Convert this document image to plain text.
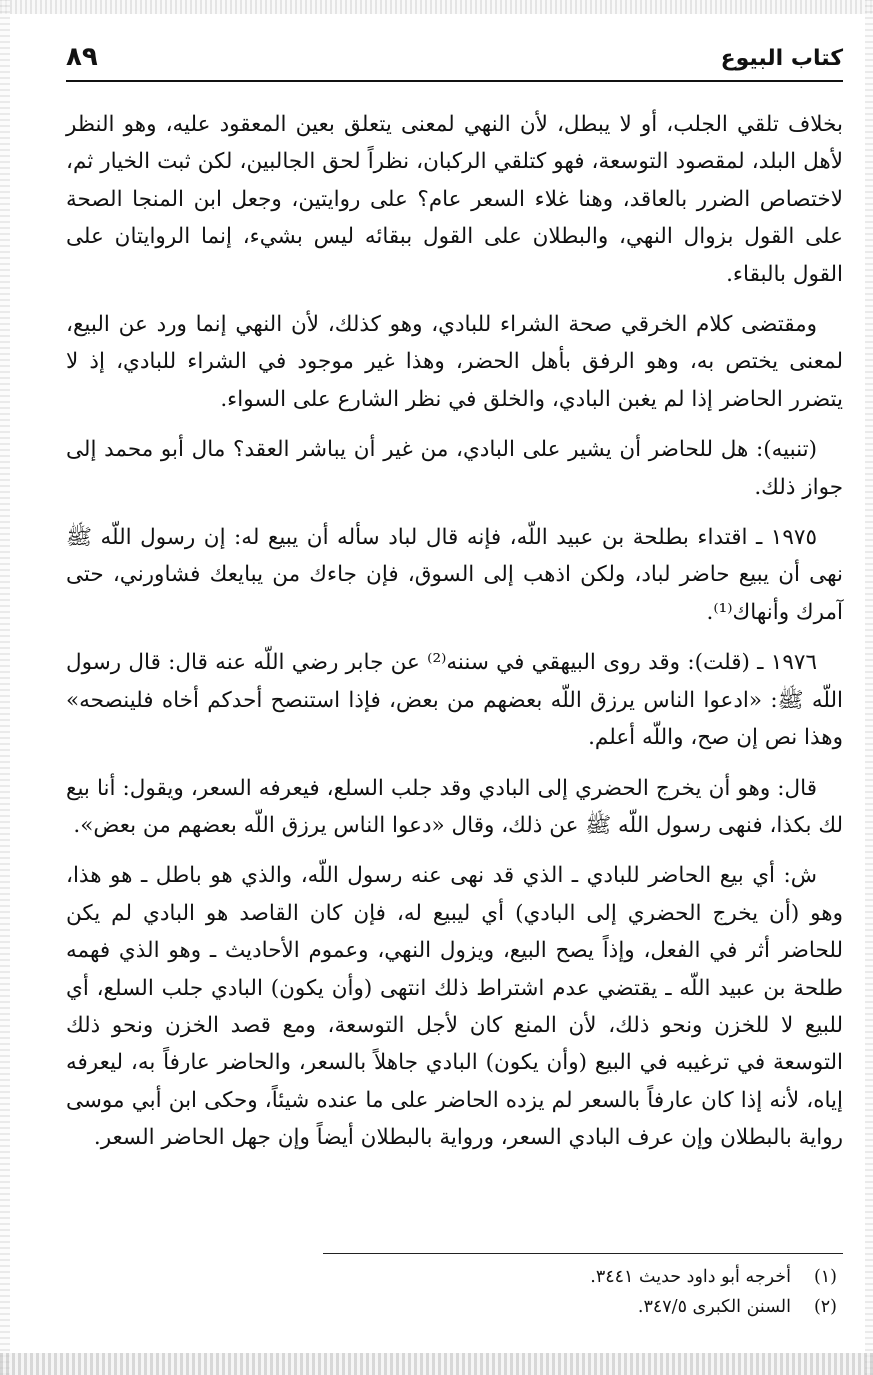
كتاب البيوع
٨٩

بخلاف تلقي الجلب، أو لا يبطل، لأن النهي لمعنى يتعلق بعين المعقود عليه، وهو النظر لأهل البلد، لمقصود التوسعة، فهو كتلقي الركبان، نظراً لحق الجالبين، لكن ثبت الخيار ثم، لاختصاص الضرر بالعاقد، وهنا غلاء السعر عام؟ على روايتين، وجعل ابن المنجا الصحة على القول بزوال النهي، والبطلان على القول ببقائه ليس بشيء، إنما الروايتان على القول بالبقاء.

ومقتضى كلام الخرقي صحة الشراء للبادي، وهو كذلك، لأن النهي إنما ورد عن البيع، لمعنى يختص به، وهو الرفق بأهل الحضر، وهذا غير موجود في الشراء للبادي، إذ لا يتضرر الحاضر إذا لم يغبن البادي، والخلق في نظر الشارع على السواء.

(تنبيه): هل للحاضر أن يشير على البادي، من غير أن يباشر العقد؟ مال أبو محمد إلى جواز ذلك.

١٩٧٥ ـ اقتداء بطلحة بن عبيد اللّه، فإنه قال لباد سأله أن يبيع له: إن رسول اللّه ﷺ نهى أن يبيع حاضر لباد، ولكن اذهب إلى السوق، فإن جاءك من يبايعك فشاورني، حتى آمرك وأنهاك⁽¹⁾.

١٩٧٦ ـ (قلت): وقد روى البيهقي في سننه⁽²⁾ عن جابر رضي اللّه عنه قال: قال رسول اللّه ﷺ: «ادعوا الناس يرزق اللّه بعضهم من بعض، فإذا استنصح أحدكم أخاه فلينصحه» وهذا نص إن صح، واللّه أعلم.

قال: وهو أن يخرج الحضري إلى البادي وقد جلب السلع، فيعرفه السعر، ويقول: أنا بيع لك بكذا، فنهى رسول اللّه ﷺ عن ذلك، وقال «دعوا الناس يرزق اللّه بعضهم من بعض».

ش: أي بيع الحاضر للبادي ـ الذي قد نهى عنه رسول اللّه، والذي هو باطل ـ هو هذا، وهو (أن يخرج الحضري إلى البادي) أي ليبيع له، فإن كان القاصد هو البادي لم يكن للحاضر أثر في الفعل، وإذاً يصح البيع، ويزول النهي، وعموم الأحاديث ـ وهو الذي فهمه طلحة بن عبيد اللّه ـ يقتضي عدم اشتراط ذلك انتهى (وأن يكون) البادي جلب السلع، أي للبيع لا للخزن ونحو ذلك، لأن المنع كان لأجل التوسعة، ومع قصد الخزن ونحو ذلك التوسعة في ترغيبه في البيع (وأن يكون) البادي جاهلاً بالسعر، والحاضر عارفاً به، ليعرفه إياه، لأنه إذا كان عارفاً بالسعر لم يزده الحاضر على ما عنده شيئاً، وحكى ابن أبي موسى رواية بالبطلان وإن عرف البادي السعر، ورواية بالبطلان أيضاً وإن جهل الحاضر السعر.

(١)
أخرجه أبو داود حديث ٣٤٤١.
(٢)
السنن الكبرى ٣٤٧/٥.
